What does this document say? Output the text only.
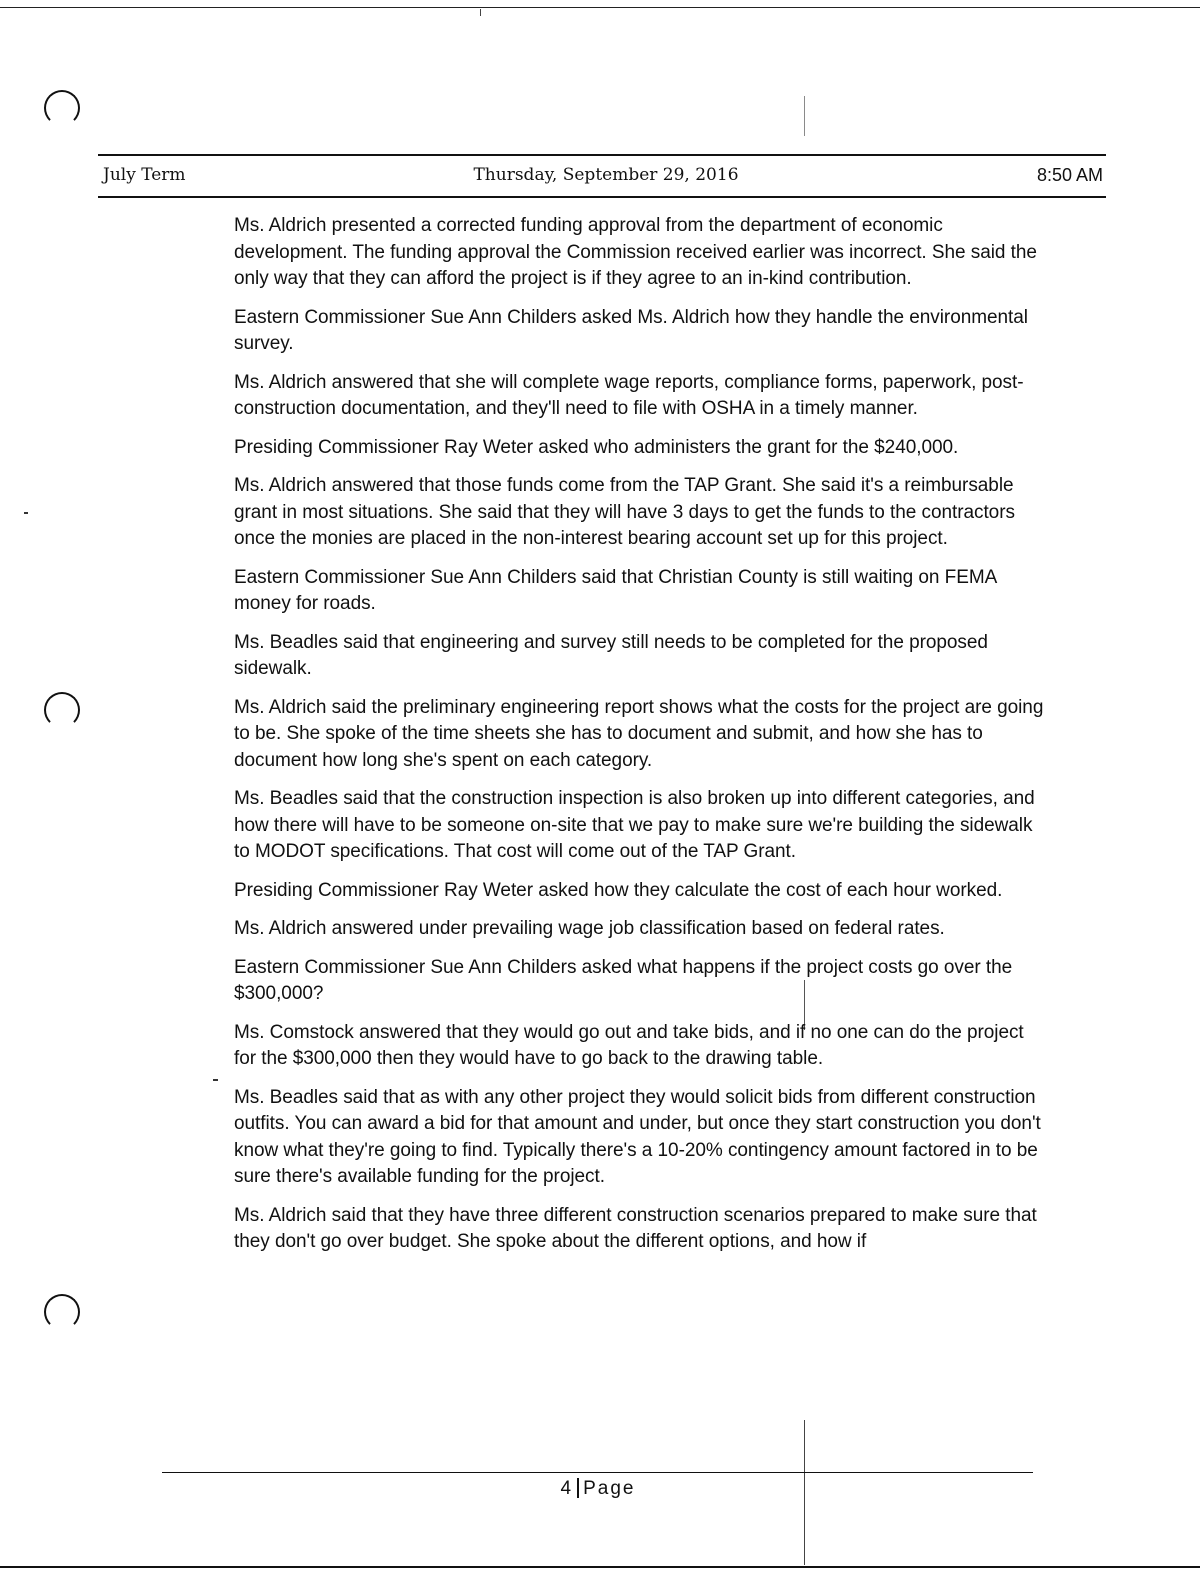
July Term	Thursday, September 29, 2016	8:50 AM

Ms. Aldrich presented a corrected funding approval from the department of economic development. The funding approval the Commission received earlier was incorrect. She said the only way that they can afford the project is if they agree to an in-kind contribution.

Eastern Commissioner Sue Ann Childers asked Ms. Aldrich how they handle the environmental survey.

Ms. Aldrich answered that she will complete wage reports, compliance forms, paperwork, post-construction documentation, and they'll need to file with OSHA in a timely manner.

Presiding Commissioner Ray Weter asked who administers the grant for the $240,000.

Ms. Aldrich answered that those funds come from the TAP Grant. She said it's a reimbursable grant in most situations. She said that they will have 3 days to get the funds to the contractors once the monies are placed in the non-interest bearing account set up for this project.

Eastern Commissioner Sue Ann Childers said that Christian County is still waiting on FEMA money for roads.

Ms. Beadles said that engineering and survey still needs to be completed for the proposed sidewalk.

Ms. Aldrich said the preliminary engineering report shows what the costs for the project are going to be. She spoke of the time sheets she has to document and submit, and how she has to document how long she's spent on each category.

Ms. Beadles said that the construction inspection is also broken up into different categories, and how there will have to be someone on-site that we pay to make sure we're building the sidewalk to MODOT specifications. That cost will come out of the TAP Grant.

Presiding Commissioner Ray Weter asked how they calculate the cost of each hour worked.

Ms. Aldrich answered under prevailing wage job classification based on federal rates.

Eastern Commissioner Sue Ann Childers asked what happens if the project costs go over the $300,000?

Ms. Comstock answered that they would go out and take bids, and if no one can do the project for the $300,000 then they would have to go back to the drawing table.

Ms. Beadles said that as with any other project they would solicit bids from different construction outfits. You can award a bid for that amount and under, but once they start construction you don't know what they're going to find. Typically there's a 10-20% contingency amount factored in to be sure there's available funding for the project.

Ms. Aldrich said that they have three different construction scenarios prepared to make sure that they don't go over budget. She spoke about the different options, and how if

4 Page
